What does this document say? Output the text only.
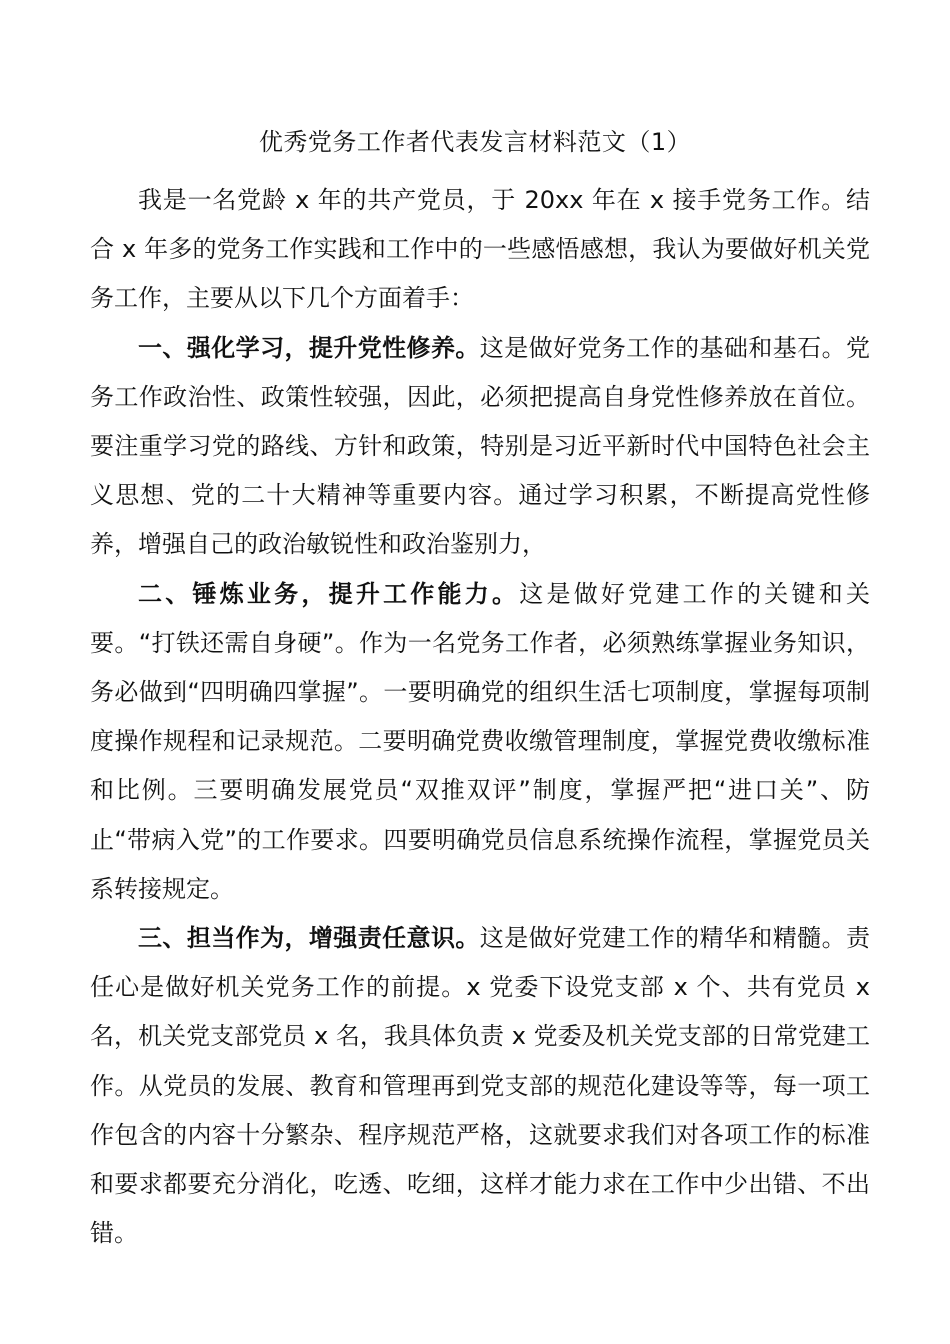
优秀党务工作者代表发言材料范文（1）

我是一名党龄 x 年的共产党员，于 20xx 年在 x 接手党务工作。结合 x 年多的党务工作实践和工作中的一些感悟感想，我认为要做好机关党务工作，主要从以下几个方面着手：

一、强化学习，提升党性修养。这是做好党务工作的基础和基石。党务工作政治性、政策性较强，因此，必须把提高自身党性修养放在首位。要注重学习党的路线、方针和政策，特别是习近平新时代中国特色社会主义思想、党的二十大精神等重要内容。通过学习积累，不断提高党性修养，增强自己的政治敏锐性和政治鉴别力，

二、锤炼业务，提升工作能力。这是做好党建工作的关键和关要。“打铁还需自身硬”。作为一名党务工作者，必须熟练掌握业务知识，务必做到“四明确四掌握”。一要明确党的组织生活七项制度，掌握每项制度操作规程和记录规范。二要明确党费收缴管理制度，掌握党费收缴标准和比例。三要明确发展党员“双推双评”制度，掌握严把“进口关”、防止“带病入党”的工作要求。四要明确党员信息系统操作流程，掌握党员关系转接规定。

三、担当作为，增强责任意识。这是做好党建工作的精华和精髓。责任心是做好机关党务工作的前提。x 党委下设党支部 x 个、共有党员 x 名，机关党支部党员 x 名，我具体负责 x 党委及机关党支部的日常党建工作。从党员的发展、教育和管理再到党支部的规范化建设等等，每一项工作包含的内容十分繁杂、程序规范严格，这就要求我们对各项工作的标准和要求都要充分消化，吃透、吃细，这样才能力求在工作中少出错、不出错。
